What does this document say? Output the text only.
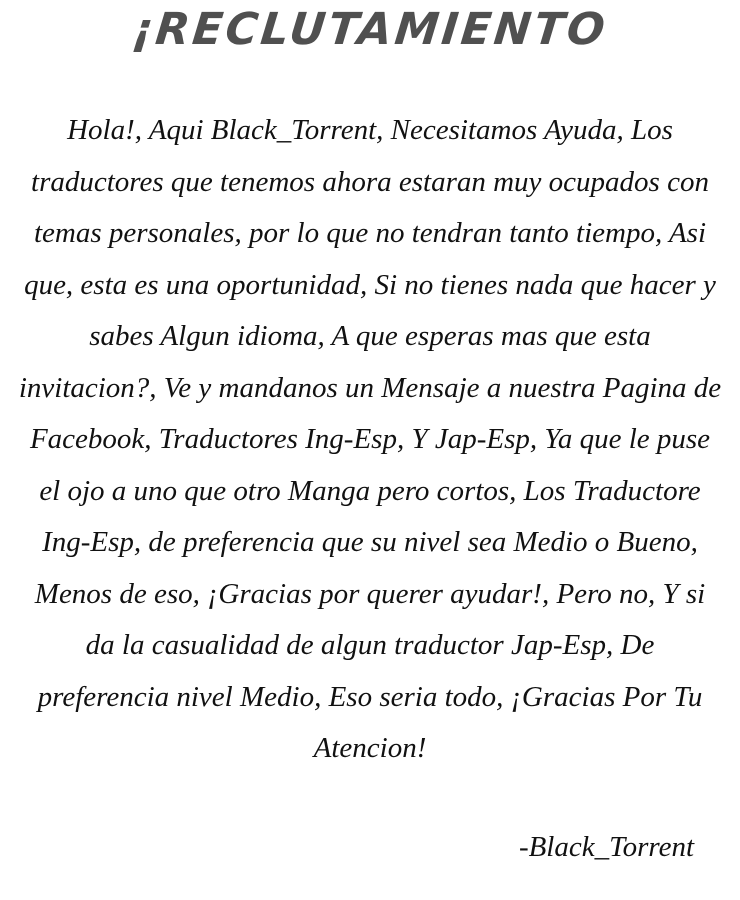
¡RECLUTAMIENTO

Hola!, Aqui Black_Torrent, Necesitamos Ayuda, Los traductores que tenemos ahora estaran muy ocupados con temas personales, por lo que no tendran tanto tiempo, Asi que, esta es una oportunidad, Si no tienes nada que hacer y sabes Algun idioma, A que esperas mas que esta invitacion?, Ve y mandanos un Mensaje a nuestra Pagina de Facebook, Traductores Ing-Esp, Y Jap-Esp, Ya que le puse el ojo a uno que otro Manga pero cortos, Los Traductore Ing-Esp, de preferencia que su nivel sea Medio o Bueno, Menos de eso, ¡Gracias por querer ayudar!, Pero no, Y si da la casualidad de algun traductor Jap-Esp, De preferencia nivel Medio, Eso seria todo, ¡Gracias Por Tu Atencion!

-Black_Torrent
